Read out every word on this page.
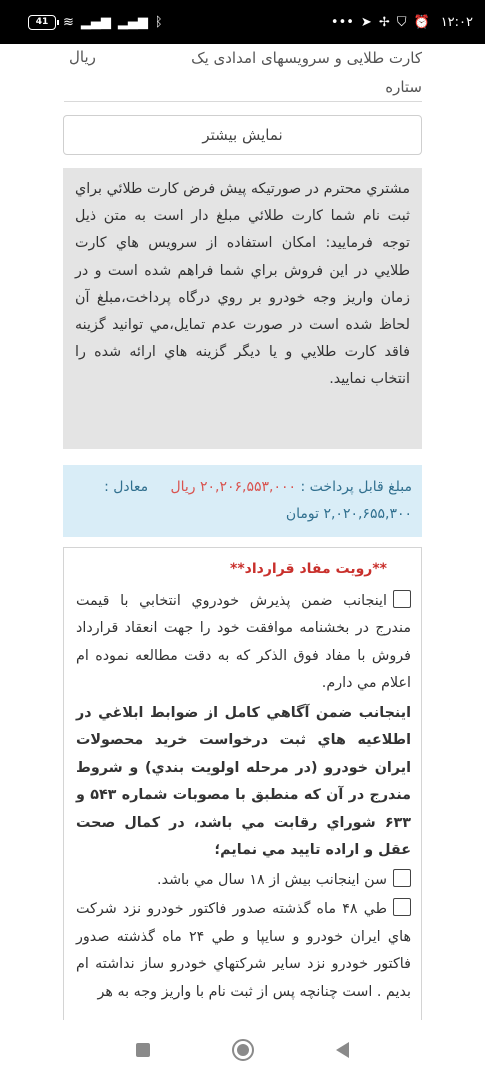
41 ≋ ▂▄▆ ▂▄▆ ᛒ	••• ➤ ✢ ⛉ ⏰ ۱۲:۰۲
کارت طلایی و سرویسهای امدادی یک ستاره
ریال
نمایش بیشتر
مشتري محترم در صورتيکه پيش فرض کارت طلائي براي ثبت نام شما کارت طلائي مبلغ دار است به متن ذيل توجه فرماييد: امکان استفاده از سرويس هاي کارت طلايي در اين فروش براي شما فراهم شده است و در زمان واريز وجه خودرو بر روي درگاه پرداخت،مبلغ آن لحاظ شده است در صورت عدم تمايل،مي توانيد گزينه فاقد کارت طلايي و يا ديگر گزينه هاي ارائه شده را انتخاب نماييد.
مبلغ قابل پرداخت : ۲۰,۲۰۶,۵۵۳,۰۰۰ ریال     معادل : ۲,۰۲۰,۶۵۵,۳۰۰ تومان
**رویت مفاد قرارداد**
اينجانب ضمن پذيرش خودروي انتخابي با قيمت مندرج در بخشنامه موافقت خود را جهت انعقاد قرارداد فروش با مفاد فوق الذکر که به دقت مطالعه نموده ام اعلام مي دارم.
اينجانب ضمن آگاهي کامل از ضوابط ابلاغي در اطلاعيه هاي ثبت درخواست خريد محصولات ايران خودرو (در مرحله اولويت بندي) و شروط مندرج در آن که منطبق با مصوبات شماره ۵۴۳ و ۶۳۳ شوراي رقابت مي باشد، در کمال صحت عقل و اراده تاييد مي نمايم؛
سن اينجانب بيش از ۱۸ سال مي باشد.
طي ۴۸ ماه گذشته صدور فاکتور خودرو نزد شرکت هاي ايران خودرو و سايپا و طي ۲۴ ماه گذشته صدور فاکتور خودرو نزد ساير شرکتهاي خودرو ساز نداشته ام بدیم . است چنانچه پس از ثبت نام با واریز وجه به هر
